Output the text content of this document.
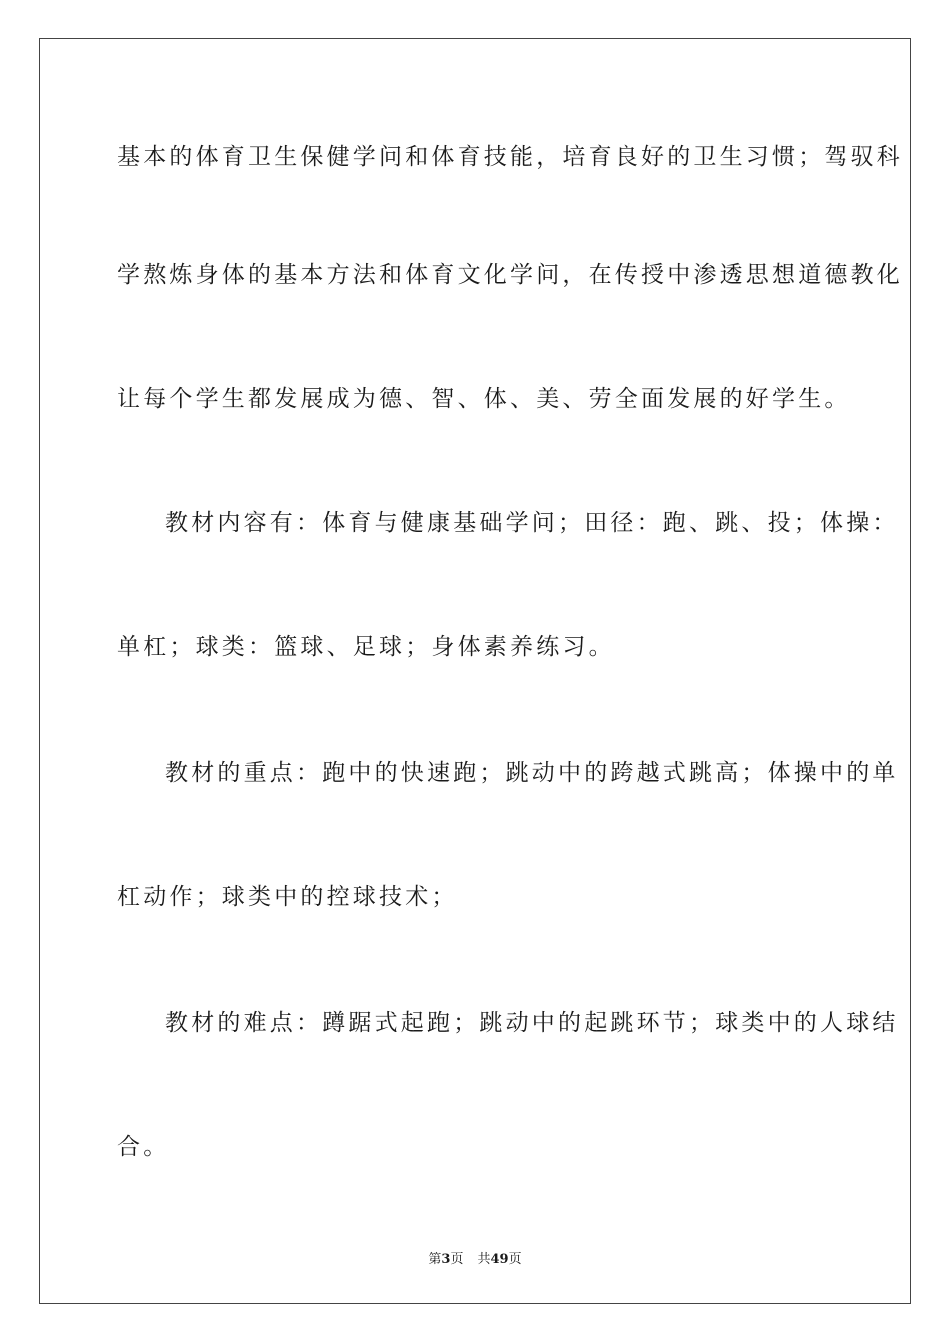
基本的体育卫生保健学问和体育技能，培育良好的卫生习惯；驾驭科
学熬炼身体的基本方法和体育文化学问，在传授中渗透思想道德教化
让每个学生都发展成为德、智、体、美、劳全面发展的好学生。
教材内容有：体育与健康基础学问；田径：跑、跳、投；体操：
单杠；球类：篮球、足球；身体素养练习。
教材的重点：跑中的快速跑；跳动中的跨越式跳高；体操中的单
杠动作；球类中的控球技术；
教材的难点：蹲踞式起跑；跳动中的起跳环节；球类中的人球结
合。
第3页 共49页
